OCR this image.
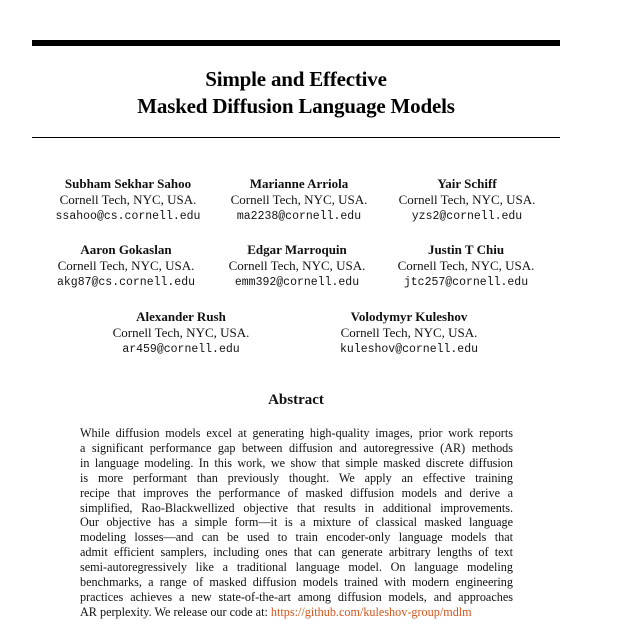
Simple and Effective
Masked Diffusion Language Models
Subham Sekhar Sahoo
Cornell Tech, NYC, USA.
ssahoo@cs.cornell.edu
Marianne Arriola
Cornell Tech, NYC, USA.
ma2238@cornell.edu
Yair Schiff
Cornell Tech, NYC, USA.
yzs2@cornell.edu
Aaron Gokaslan
Cornell Tech, NYC, USA.
akg87@cs.cornell.edu
Edgar Marroquin
Cornell Tech, NYC, USA.
emm392@cornell.edu
Justin T Chiu
Cornell Tech, NYC, USA.
jtc257@cornell.edu
Alexander Rush
Cornell Tech, NYC, USA.
ar459@cornell.edu
Volodymyr Kuleshov
Cornell Tech, NYC, USA.
kuleshov@cornell.edu
Abstract
While diffusion models excel at generating high-quality images, prior work reports
a significant performance gap between diffusion and autoregressive (AR) methods
in language modeling. In this work, we show that simple masked discrete diffusion
is more performant than previously thought. We apply an effective training
recipe that improves the performance of masked diffusion models and derive a
simplified, Rao-Blackwellized objective that results in additional improvements.
Our objective has a simple form—it is a mixture of classical masked language
modeling losses—and can be used to train encoder-only language models that
admit efficient samplers, including ones that can generate arbitrary lengths of text
semi-autoregressively like a traditional language model. On language modeling
benchmarks, a range of masked diffusion models trained with modern engineering
practices achieves a new state-of-the-art among diffusion models, and approaches
AR perplexity. We release our code at: https://github.com/kuleshov-group/mdlm
